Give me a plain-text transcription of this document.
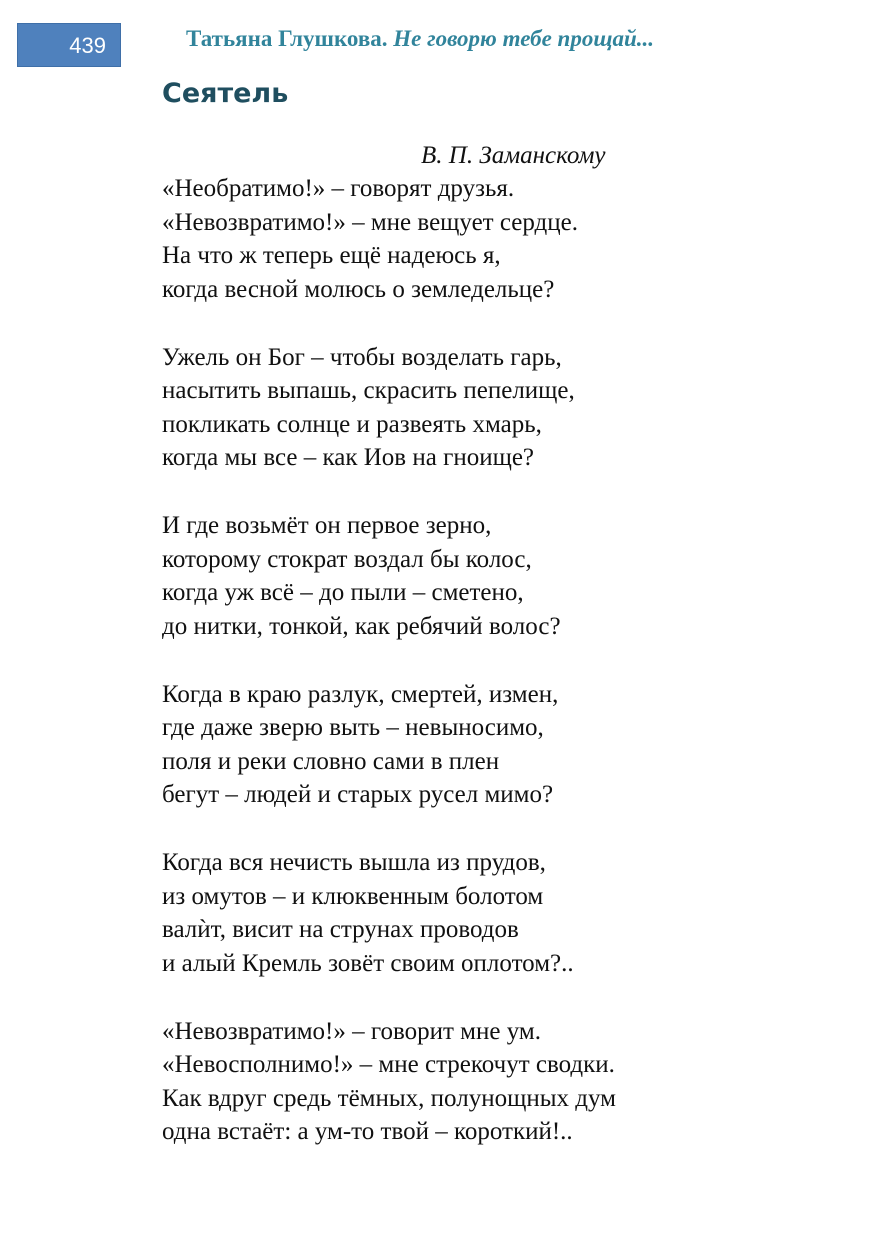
439	Татьяна Глушкова. Не говорю тебе прощай...
Сеятель
В. П. Заманскому
«Необратимо!» – говорят друзья.
«Невозвратимо!» – мне вещует сердце.
На что ж теперь ещё надеюсь я,
когда весной молюсь о земледельце?
Ужель он Бог – чтобы возделать гарь,
насытить выпашь, скрасить пепелище,
покликать солнце и развеять хмарь,
когда мы все – как Иов на гноище?
И где возьмёт он первое зерно,
которому стократ воздал бы колос,
когда уж всё – до пыли – сметено,
до нитки, тонкой, как ребячий волос?
Когда в краю разлук, смертей, измен,
где даже зверю выть – невыносимо,
поля и реки словно сами в плен
бегут – людей и старых русел мимо?
Когда вся нечисть вышла из прудов,
из омутов – и клюквенным болотом
валѝт, висит на струнах проводов
и алый Кремль зовёт своим оплотом?..
«Невозвратимо!» – говорит мне ум.
«Невосполнимо!» – мне стрекочут сводки.
Как вдруг средь тёмных, полунощных дум
одна встаёт: а ум-то твой – короткий!..
